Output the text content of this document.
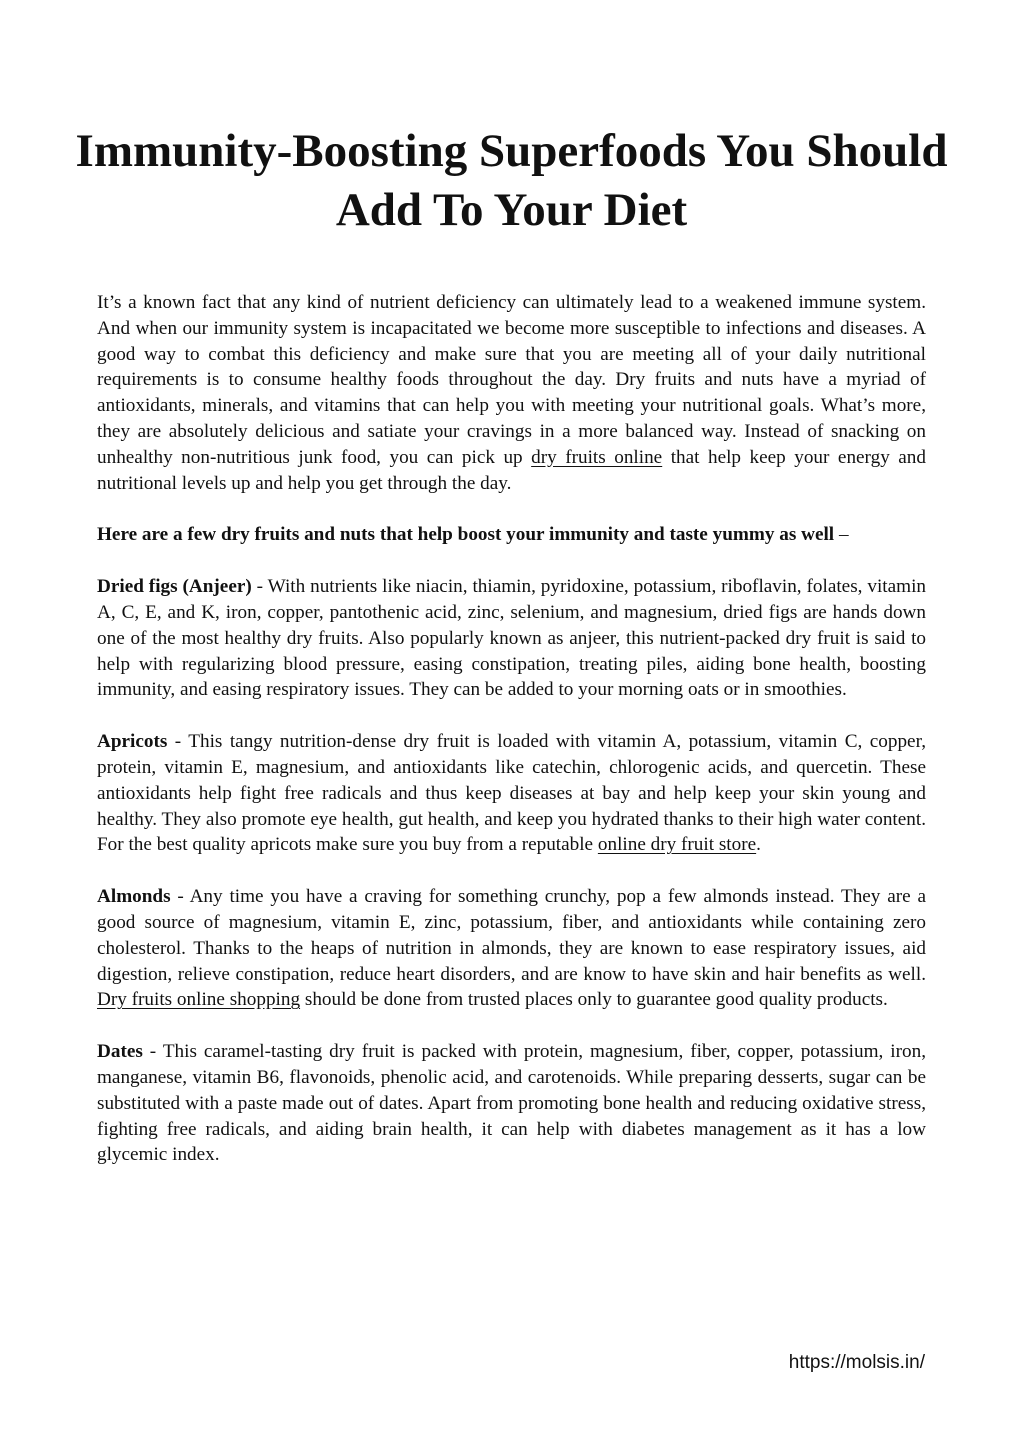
Immunity-Boosting Superfoods You Should Add To Your Diet

It’s a known fact that any kind of nutrient deficiency can ultimately lead to a weakened immune system. And when our immunity system is incapacitated we become more susceptible to infections and diseases. A good way to combat this deficiency and make sure that you are meeting all of your daily nutritional requirements is to consume healthy foods throughout the day. Dry fruits and nuts have a myriad of antioxidants, minerals, and vitamins that can help you with meeting your nutritional goals. What’s more, they are absolutely delicious and satiate your cravings in a more balanced way. Instead of snacking on unhealthy non-nutritious junk food, you can pick up dry fruits online that help keep your energy and nutritional levels up and help you get through the day.

Here are a few dry fruits and nuts that help boost your immunity and taste yummy as well –

Dried figs (Anjeer) - With nutrients like niacin, thiamin, pyridoxine, potassium, riboflavin, folates, vitamin A, C, E, and K, iron, copper, pantothenic acid, zinc, selenium, and magnesium, dried figs are hands down one of the most healthy dry fruits. Also popularly known as anjeer, this nutrient-packed dry fruit is said to help with regularizing blood pressure, easing constipation, treating piles, aiding bone health, boosting immunity, and easing respiratory issues. They can be added to your morning oats or in smoothies.

Apricots - This tangy nutrition-dense dry fruit is loaded with vitamin A, potassium, vitamin C, copper, protein, vitamin E, magnesium, and antioxidants like catechin, chlorogenic acids, and quercetin. These antioxidants help fight free radicals and thus keep diseases at bay and help keep your skin young and healthy. They also promote eye health, gut health, and keep you hydrated thanks to their high water content. For the best quality apricots make sure you buy from a reputable online dry fruit store.

Almonds - Any time you have a craving for something crunchy, pop a few almonds instead. They are a good source of magnesium, vitamin E, zinc, potassium, fiber, and antioxidants while containing zero cholesterol. Thanks to the heaps of nutrition in almonds, they are known to ease respiratory issues, aid digestion, relieve constipation, reduce heart disorders, and are know to have skin and hair benefits as well. Dry fruits online shopping should be done from trusted places only to guarantee good quality products.

Dates - This caramel-tasting dry fruit is packed with protein, magnesium, fiber, copper, potassium, iron, manganese, vitamin B6, flavonoids, phenolic acid, and carotenoids. While preparing desserts, sugar can be substituted with a paste made out of dates. Apart from promoting bone health and reducing oxidative stress, fighting free radicals, and aiding brain health, it can help with diabetes management as it has a low glycemic index.

https://molsis.in/
